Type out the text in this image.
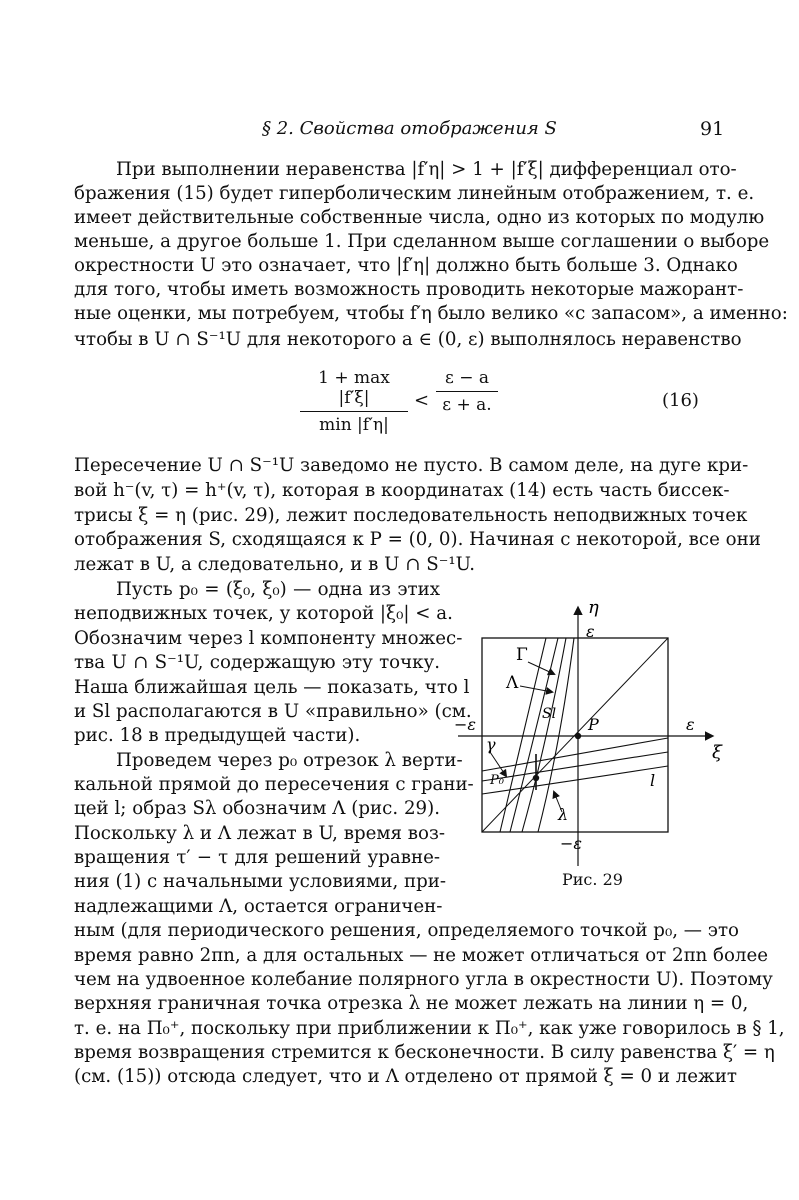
§ 2. Свойства отображения S	91
При выполнении неравенства |f′η| > 1 + |f′ξ| дифференциал ото-
бражения (15) будет гиперболическим линейным отображением, т. е.
имеет действительные собственные числа, одно из которых по модулю
меньше, а другое больше 1. При сделанном выше соглашении о выборе
окрестности U это означает, что |f′η| должно быть больше 3. Однако
для того, чтобы иметь возможность проводить некоторые мажорант-
ные оценки, мы потребуем, чтобы f′η было велико «с запасом», а именно:
чтобы в U ∩ S⁻¹U для некоторого a ∈ (0, ε) выполнялось неравенство
1 + max |f′ξ|
min |f′η|
<
ε − a
ε + a.	(16)
Пересечение U ∩ S⁻¹U заведомо не пусто. В самом деле, на дуге кри-
вой h⁻(v, τ) = h⁺(v, τ), которая в координатах (14) есть часть биссек-
трисы ξ = η (рис. 29), лежит последовательность неподвижных точек
отображения S, сходящаяся к P = (0, 0). Начиная с некоторой, все они
лежат в U, а следовательно, и в U ∩ S⁻¹U.
Пусть p₀ = (ξ₀, ξ₀) — одна из этих
неподвижных точек, у которой |ξ₀| < a.
Обозначим через l компоненту множес-
тва U ∩ S⁻¹U, содержащую эту точку.
Наша ближайшая цель — показать, что l
и Sl располагаются в U «правильно» (см.
рис. 18 в предыдущей части).
Проведем через p₀ отрезок λ верти-
кальной прямой до пересечения с грани-
цей l; образ Sλ обозначим Λ (рис. 29).
Поскольку λ и Λ лежат в U, время воз-
вращения τ′ − τ для решений уравне-
ния (1) с начальными условиями, при-
надлежащими Λ, остается ограничен-
ным (для периодического решения, определяемого точкой p₀, — это
время равно 2πn, а для остальных — не может отличаться от 2πn более
чем на удвоенное колебание полярного угла в окрестности U). Поэтому
верхняя граничная точка отрезка λ не может лежать на линии η = 0,
т. е. на Π₀⁺, поскольку при приближении к Π₀⁺, как уже говорилось в § 1,
время возвращения стремится к бесконечности. В силу равенства ξ′ = η
(см. (15)) отсюда следует, что и Λ отделено от прямой ξ = 0 и лежит
η
ε
ξ
ε
−ε
−ε
Γ
Λ
Sl
P
γ
l
P₀
λ
Рис. 29
